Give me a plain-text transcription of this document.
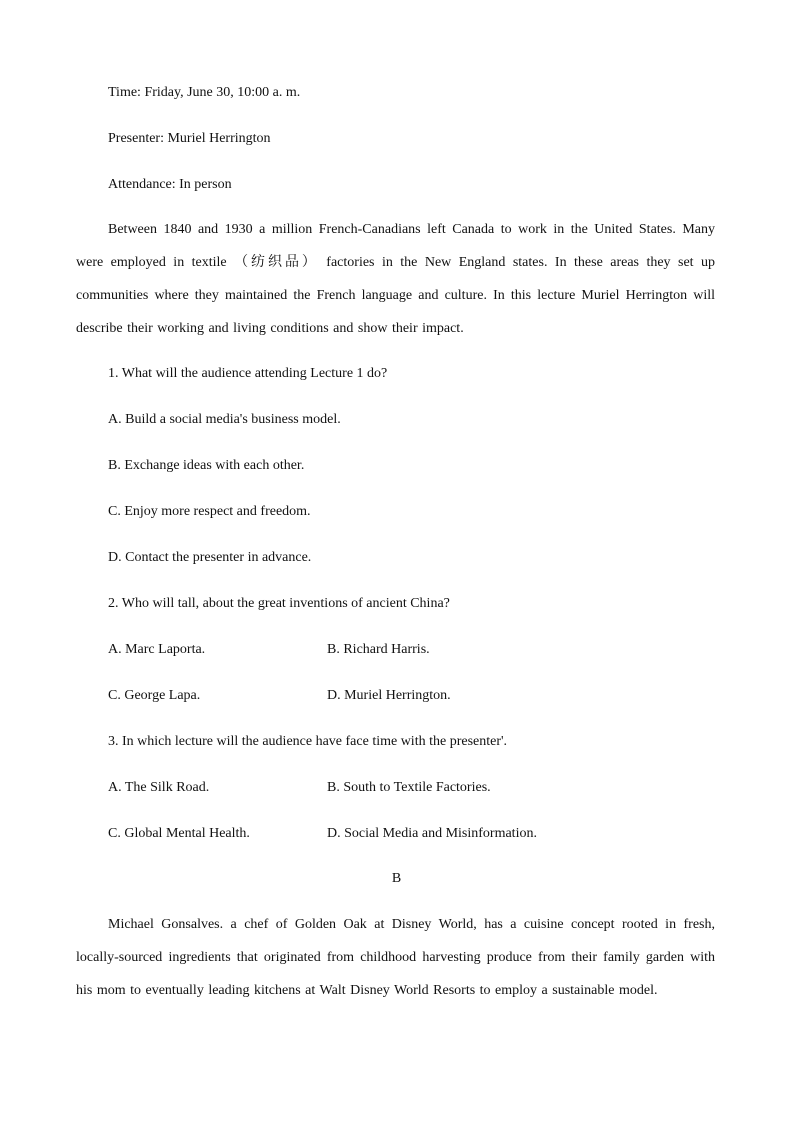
Time: Friday, June 30, 10:00 a. m.
Presenter: Muriel Herrington
Attendance: In person
Between 1840 and 1930 a million French-Canadians left Canada to work in the United States. Many were employed in textile （纺织品） factories in the New England states. In these areas they set up communities where they maintained the French language and culture. In this lecture Muriel Herrington will describe their working and living conditions and show their impact.
1. What will the audience attending Lecture 1 do?
A. Build a social media's business model.
B. Exchange ideas with each other.
C. Enjoy more respect and freedom.
D. Contact the presenter in advance.
2. Who will tall, about the great inventions of ancient China?
A. Marc Laporta.	B. Richard Harris.
C. George Lapa.	D. Muriel Herrington.
3. In which lecture will the audience have face time with the presenter'.
A. The Silk Road.	B. South to Textile Factories.
C. Global Mental Health.	D. Social Media and Misinformation.
B
Michael Gonsalves. a chef of Golden Oak at Disney World, has a cuisine concept rooted in fresh, locally-sourced ingredients that originated from childhood harvesting produce from their family garden with his mom to eventually leading kitchens at Walt Disney World Resorts to employ a sustainable model.
